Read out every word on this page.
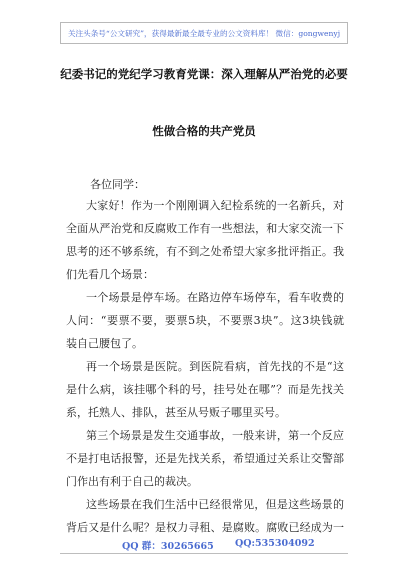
关注头条号“公文研究”，获得最新最全最专业的公文资料库！ 微信：gongwenyj
纪委书记的党纪学习教育党课：深入理解从严治党的必要
性做合格的共产党员
各位同学：
大家好！作为一个刚刚调入纪检系统的一名新兵，对
全面从严治党和反腐败工作有一些想法，和大家交流一下
思考的还不够系统，有不到之处希望大家多批评指正。我
们先看几个场景：
一个场景是停车场。在路边停车场停车，看车收费的
人问：“要票不要，要票5块，不要票3块”。这3块钱就
装自己腰包了。
再一个场景是医院。到医院看病，首先找的不是“这
是什么病，该挂哪个科的号，挂号处在哪”？而是先找关
系，托熟人、排队，甚至从号贩子哪里买号。
第三个场景是发生交通事故，一般来讲，第一个反应
不是打电话报警，还是先找关系，希望通过关系让交警部
门作出有利于自己的裁决。
这些场景在我们生活中已经很常见，但是这些场景的
背后又是什么呢？是权力寻租、是腐败。腐败已经成为一
QQ 群：30265665 QQ:535304092
